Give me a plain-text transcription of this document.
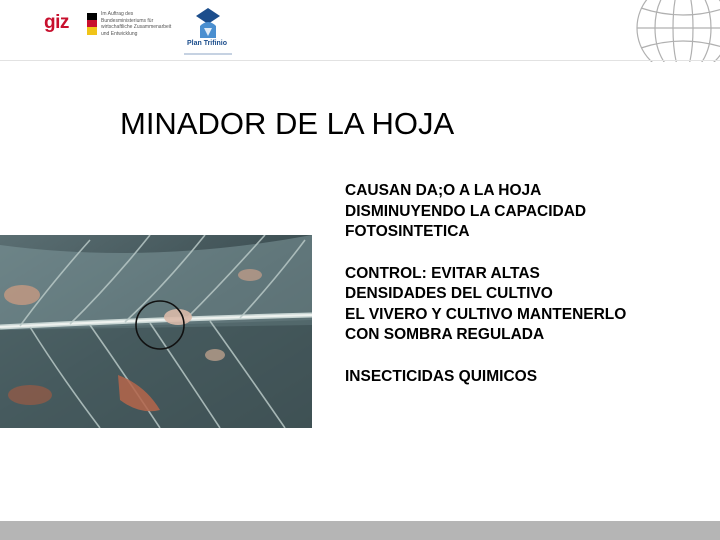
giz	Im Auftrag des
Bundesministeriums für
wirtschaftliche Zusammenarbeit
und Entwicklung
Plan Trifinio
MINADOR DE LA HOJA

CAUSAN DA;O A LA HOJA
DISMINUYENDO LA CAPACIDAD
FOTOSINTETICA

CONTROL: EVITAR ALTAS
DENSIDADES DEL CULTIVO
EL VIVERO Y CULTIVO MANTENERLO
CON SOMBRA REGULADA

INSECTICIDAS QUIMICOS
